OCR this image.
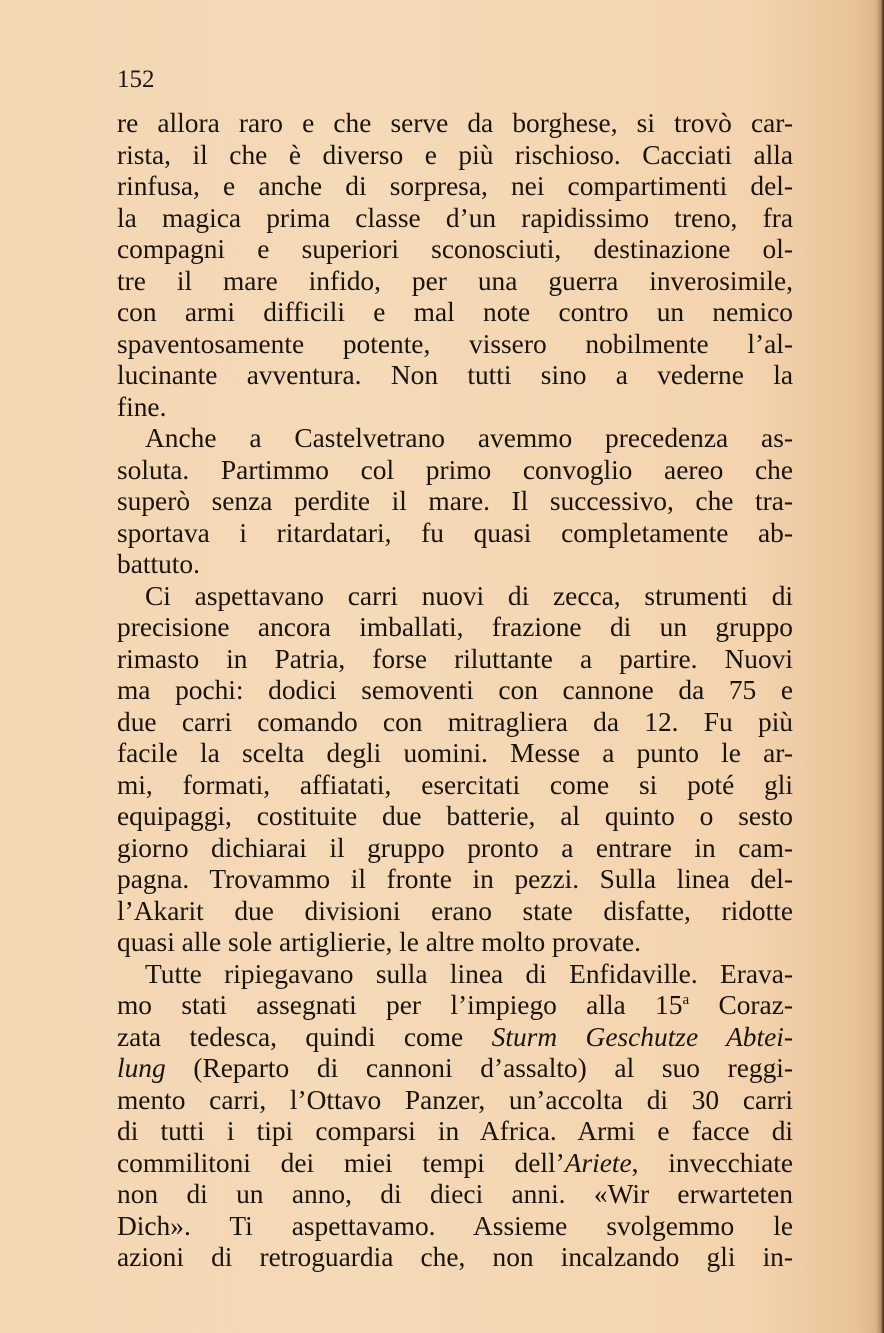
152
re allora raro e che serve da borghese, si trovò car-
rista, il che è diverso e più rischioso. Cacciati alla
rinfusa, e anche di sorpresa, nei compartimenti del-
la magica prima classe d’un rapidissimo treno, fra
compagni e superiori sconosciuti, destinazione ol-
tre il mare infido, per una guerra inverosimile,
con armi difficili e mal note contro un nemico
spaventosamente potente, vissero nobilmente l’al-
lucinante avventura. Non tutti sino a vederne la
fine.
Anche a Castelvetrano avemmo precedenza as-
soluta. Partimmo col primo convoglio aereo che
superò senza perdite il mare. Il successivo, che tra-
sportava i ritardatari, fu quasi completamente ab-
battuto.
Ci aspettavano carri nuovi di zecca, strumenti di
precisione ancora imballati, frazione di un gruppo
rimasto in Patria, forse riluttante a partire. Nuovi
ma pochi: dodici semoventi con cannone da 75 e
due carri comando con mitragliera da 12. Fu più
facile la scelta degli uomini. Messe a punto le ar-
mi, formati, affiatati, esercitati come si poté gli
equipaggi, costituite due batterie, al quinto o sesto
giorno dichiarai il gruppo pronto a entrare in cam-
pagna. Trovammo il fronte in pezzi. Sulla linea del-
l’Akarit due divisioni erano state disfatte, ridotte
quasi alle sole artiglierie, le altre molto provate.
Tutte ripiegavano sulla linea di Enfidaville. Erava-
mo stati assegnati per l’impiego alla 15$^a$ Coraz-
zata tedesca, quindi come Sturm Geschutze Abtei-
lung (Reparto di cannoni d’assalto) al suo reggi-
mento carri, l’Ottavo Panzer, un’accolta di 30 carri
di tutti i tipi comparsi in Africa. Armi e facce di
commilitoni dei miei tempi dell’Ariete, invecchiate
non di un anno, di dieci anni. «Wir erwarteten
Dich». Ti aspettavamo. Assieme svolgemmo le
azioni di retroguardia che, non incalzando gli in-
